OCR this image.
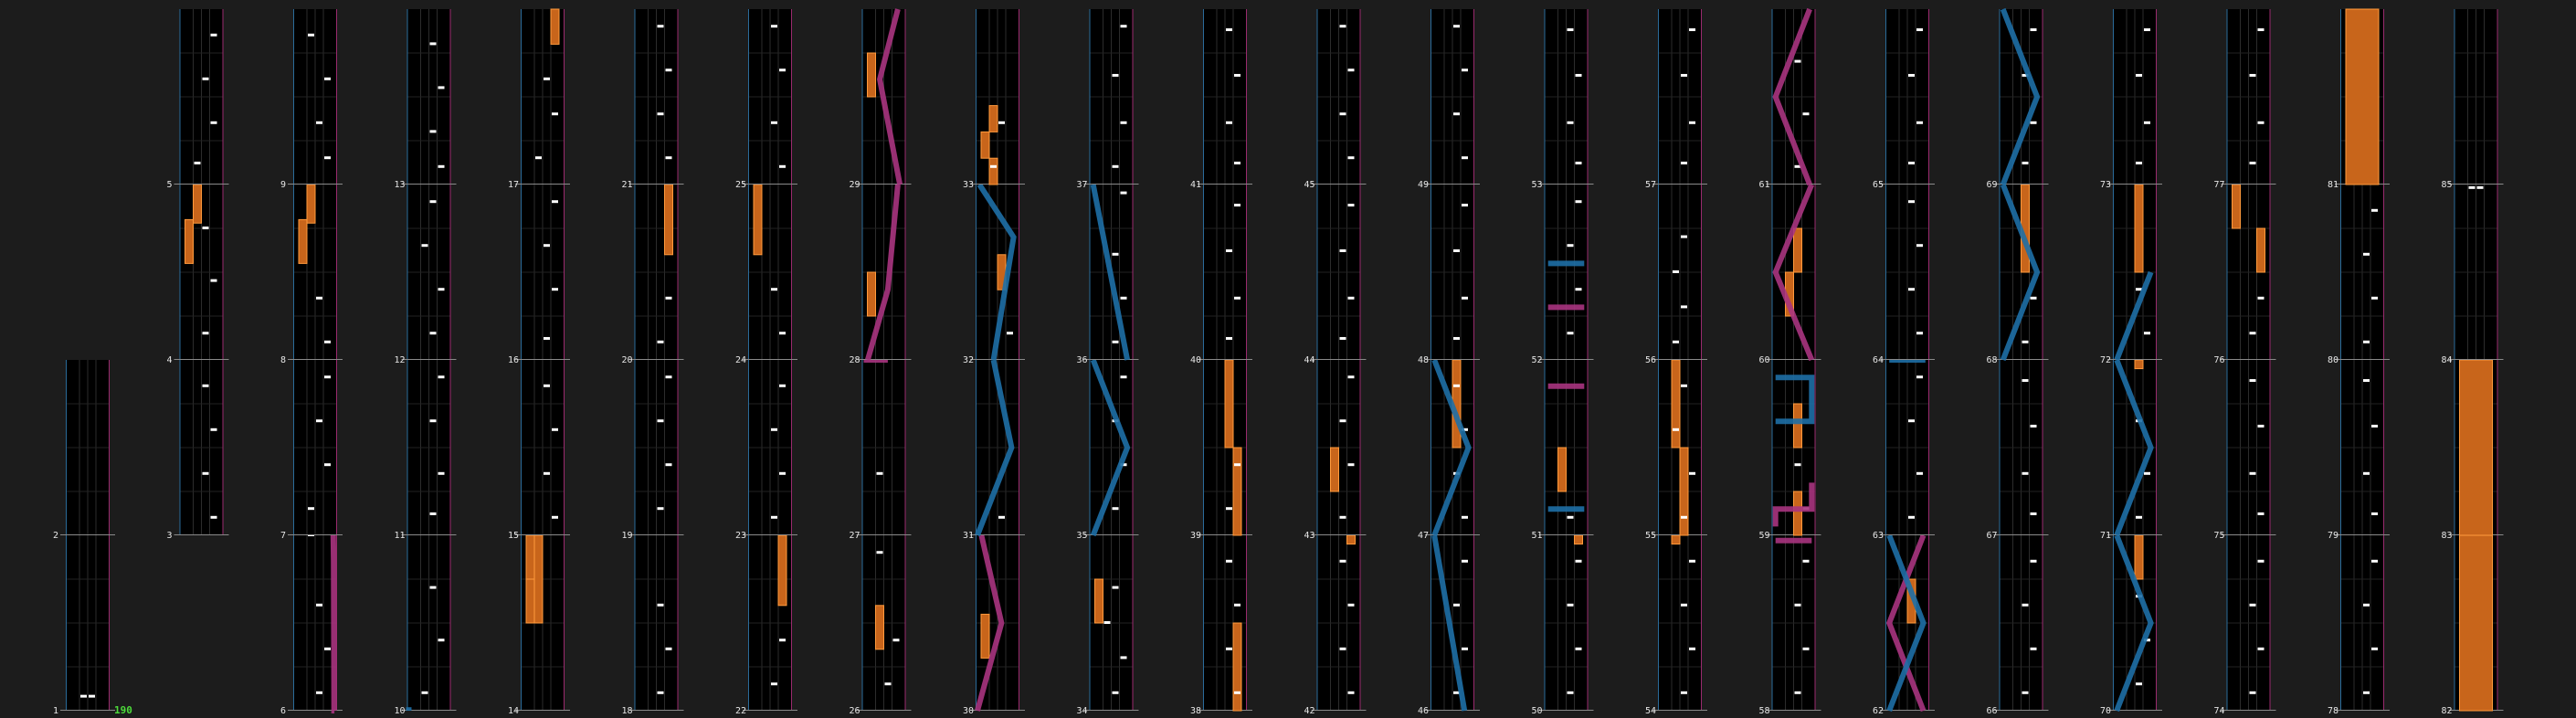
1
2	3
4
5
6
7
8
9
10
11
12
13
14
15
16
17
18
19
20
21
22
23
24
25
26
27
28
29
30
31
32
33
34
35
36
37
38
39
40
41
42
43
44
45
46
47
48
49
50
51
52
53
54
55
56
57
58
59
60
61
62
63
64
65
66
67
68
69
70
71
72
73
74
75
76
77
78
79
80
81
82
83
84
85
190
